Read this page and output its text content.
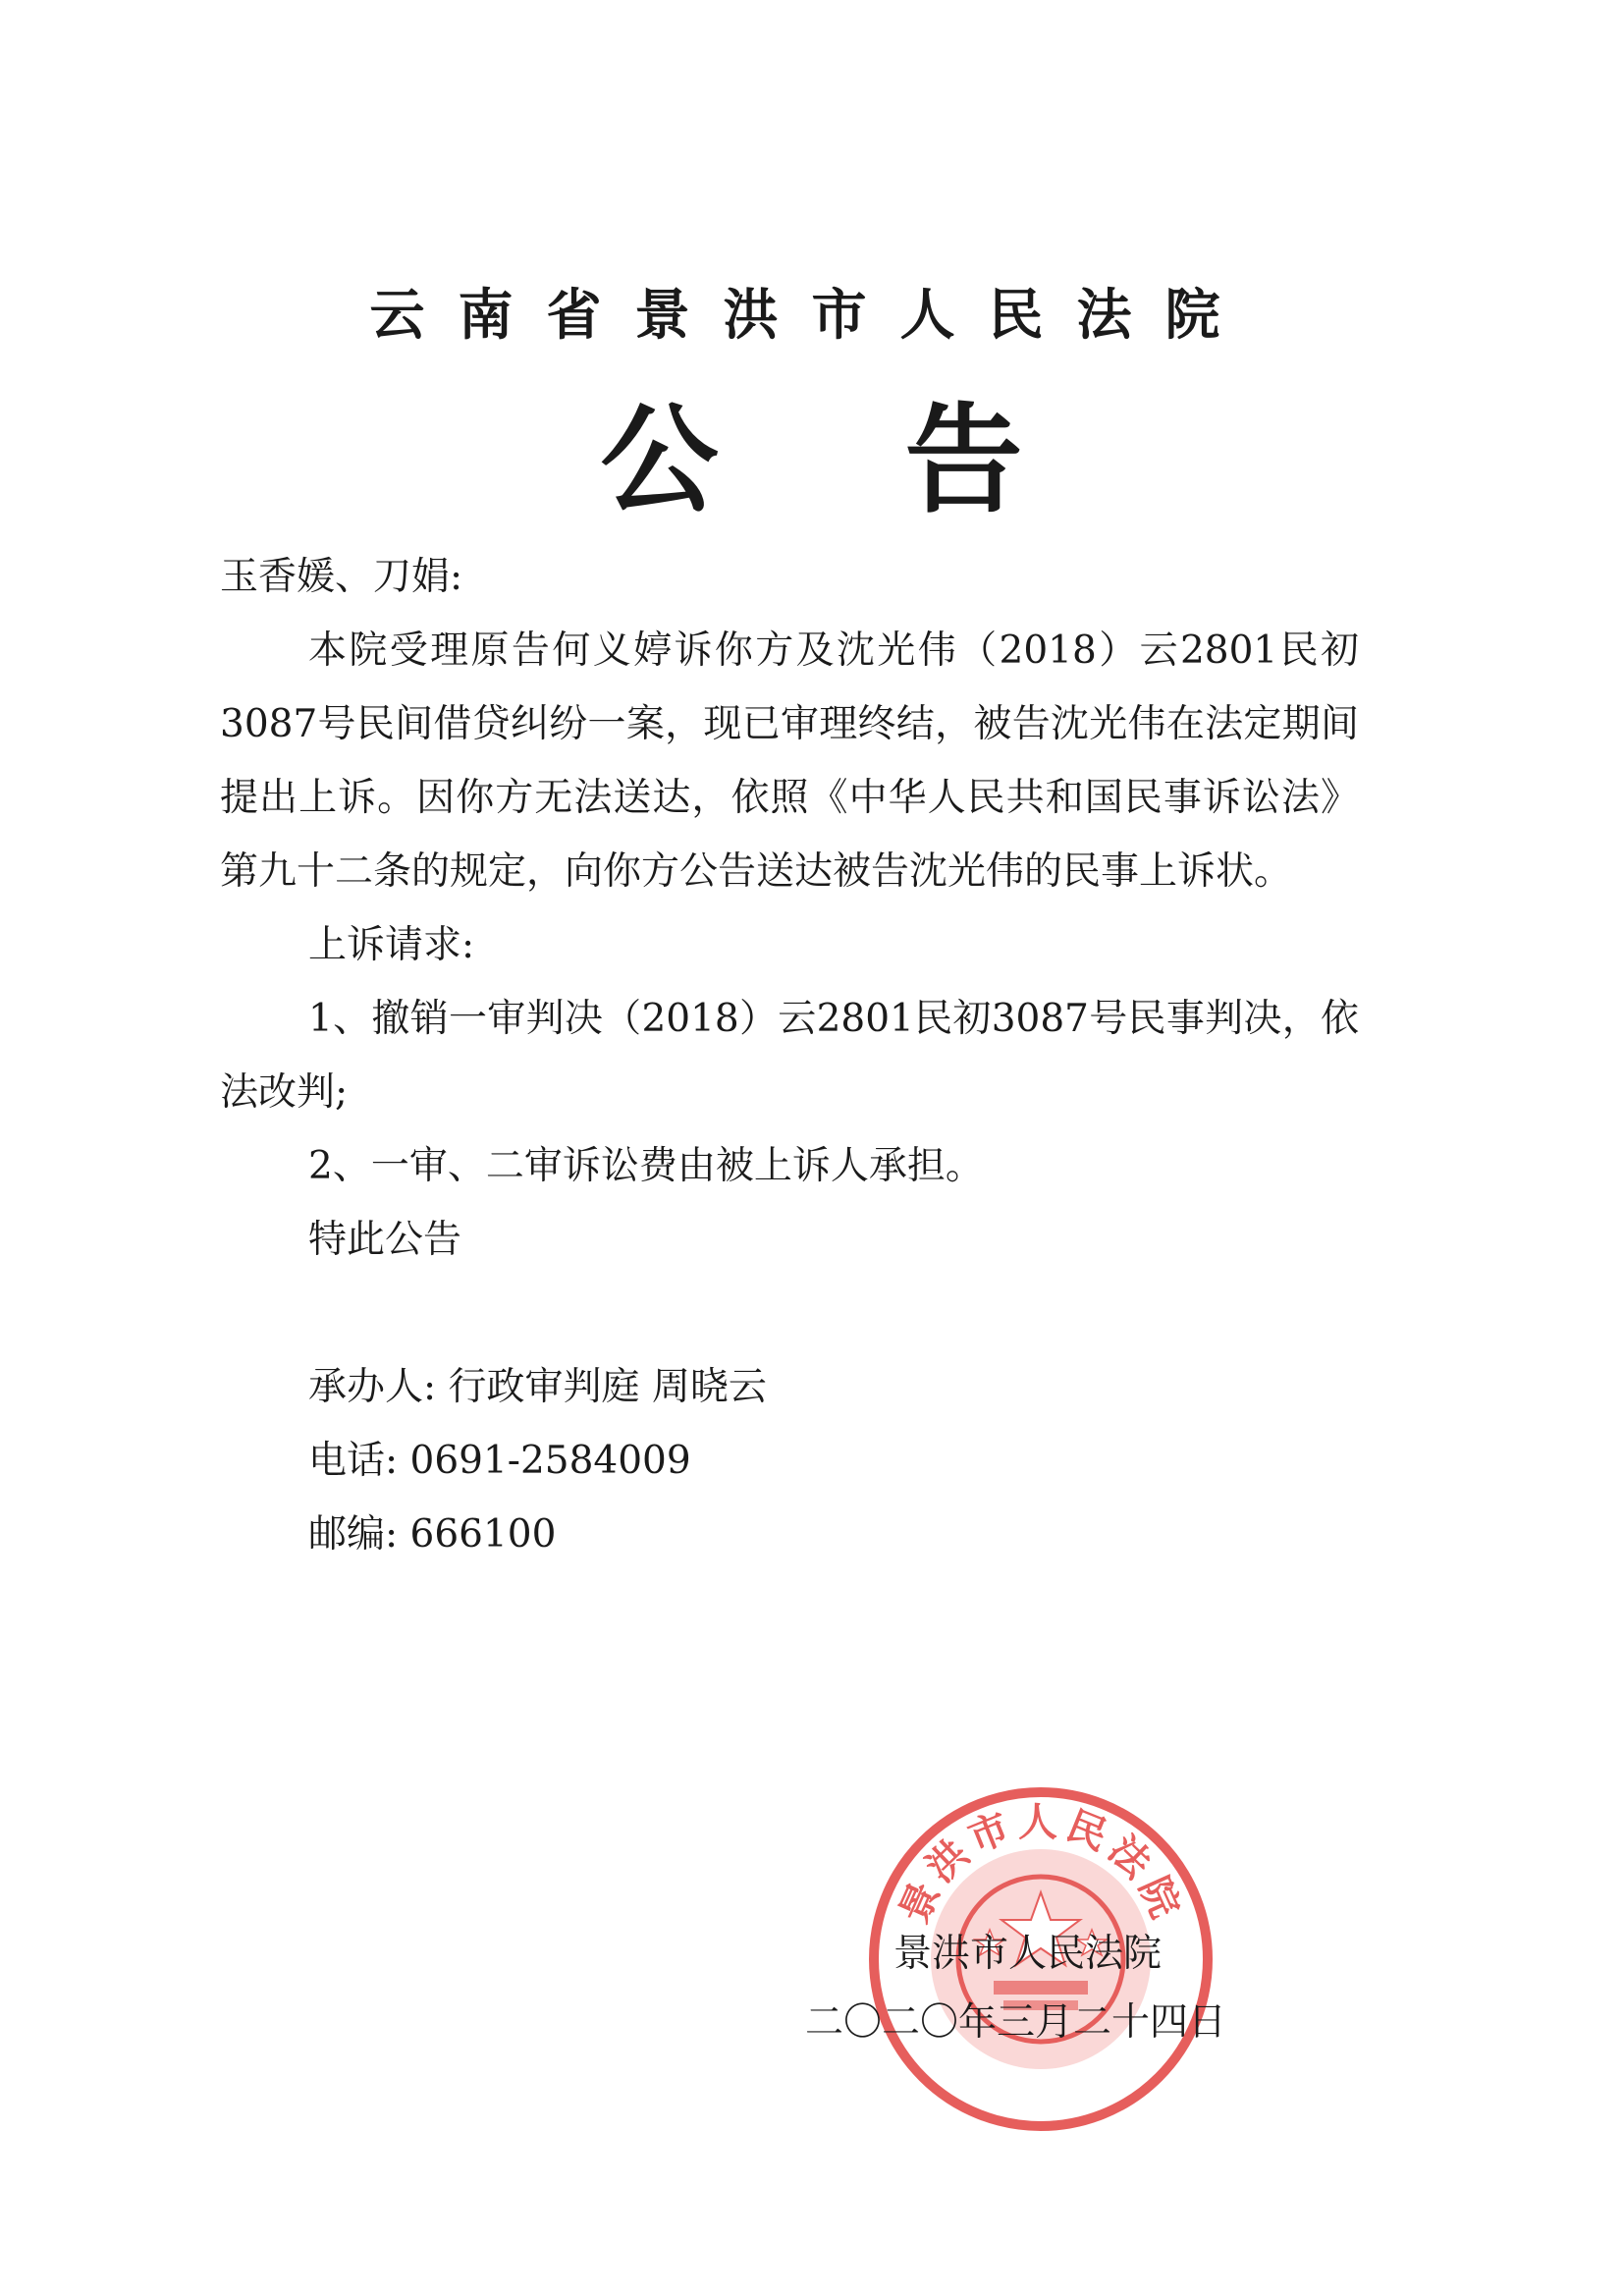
云南省景洪市人民法院
公告

玉香媛、刀娟:

本院受理原告何义婷诉你方及沈光伟（2018）云2801民初3087号民间借贷纠纷一案，现已审理终结，被告沈光伟在法定期间提出上诉。因你方无法送达，依照《中华人民共和国民事诉讼法》第九十二条的规定，向你方公告送达被告沈光伟的民事上诉状。

上诉请求:

1、撤销一审判决（2018）云2801民初3087号民事判决，依法改判;

2、一审、二审诉讼费由被上诉人承担。

特此公告

承办人: 行政审判庭 周晓云

电话: 0691-2584009

邮编: 666100

景洪市人民法院
景洪市人民法院
二〇二〇年三月二十四日
